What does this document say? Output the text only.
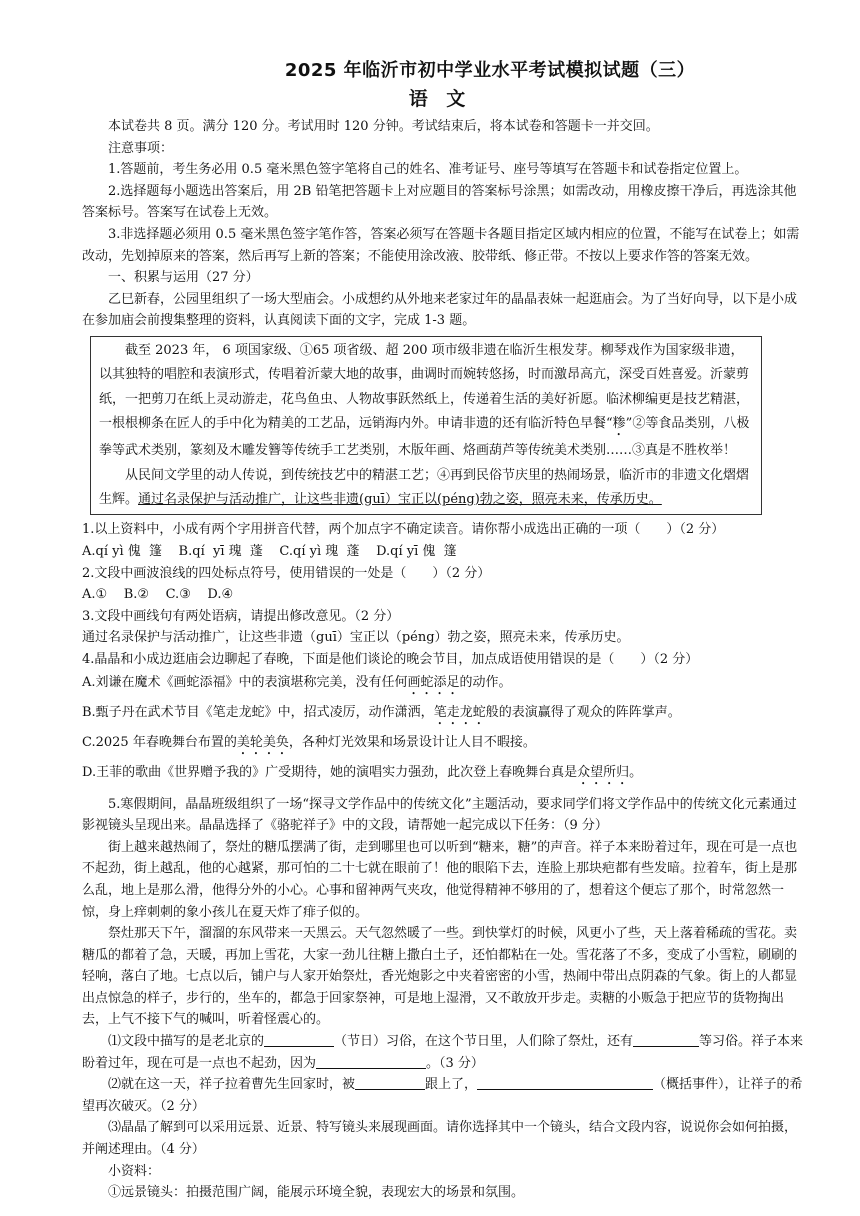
2025 年临沂市初中学业水平考试模拟试题（三）
语 文

本试卷共 8 页。满分 120 分。考试用时 120 分钟。考试结束后，将本试卷和答题卡一并交回。

注意事项：

1.答题前，考生务必用 0.5 毫米黑色签字笔将自己的姓名、准考证号、座号等填写在答题卡和试卷指定位置上。

2.选择题每小题选出答案后，用 2B 铅笔把答题卡上对应题目的答案标号涂黑；如需改动，用橡皮擦干净后，再选涂其他答案标号。答案写在试卷上无效。

3.非选择题必须用 0.5 毫米黑色签字笔作答，答案必须写在答题卡各题目指定区域内相应的位置，不能写在试卷上；如需改动，先划掉原来的答案，然后再写上新的答案；不能使用涂改液、胶带纸、修正带。不按以上要求作答的答案无效。

一、积累与运用（27 分）

乙巳新春，公园里组织了一场大型庙会。小成想约从外地来老家过年的晶晶表妹一起逛庙会。为了当好向导，以下是小成在参加庙会前搜集整理的资料，认真阅读下面的文字，完成 1-3 题。

截至 2023 年， 6 项国家级、①65 项省级、超 200 项市级非遗在临沂生根发芽。柳琴戏作为国家级非遗，以其独特的唱腔和表演形式，传唱着沂蒙大地的故事，曲调时而婉转悠扬，时而激昂高亢，深受百姓喜爱。沂蒙剪纸，一把剪刀在纸上灵动游走，花鸟鱼虫、人物故事跃然纸上，传递着生活的美好祈愿。临沭柳编更是技艺精湛，一根根柳条在匠人的手中化为精美的工艺品，远销海内外。申请非遗的还有临沂特色早餐“糁”②等食品类别，八极拳等武术类别，篆刻及木雕发簪等传统手工艺类别，木版年画、烙画葫芦等传统美术类别……③真是不胜枚举！

从民间文学里的动人传说，到传统技艺中的精湛工艺；④再到民俗节庆里的热闹场景，临沂市的非遗文化熠熠生辉。通过名录保护与活动推广，让这些非遗(guī）宝正以(péng)勃之姿，照亮未来，传承历史。

1.以上资料中，小成有两个字用拼音代替，两个加点字不确定读音。请你帮小成选出正确的一项（　　）（2 分）

A.qí yì 傀  篷    B.qí  yī 瑰  蓬    C.qí yì 瑰  蓬    D.qí yī 傀  篷

2.文段中画波浪线的四处标点符号，使用错误的一处是（　　）（2 分）

A.①    B.②    C.③    D.④

3.文段中画线句有两处语病，请提出修改意见。（2 分）

通过名录保护与活动推广，让这些非遗（guī）宝正以（péng）勃之姿，照亮未来，传承历史。

4.晶晶和小成边逛庙会边聊起了春晚，下面是他们谈论的晚会节目，加点成语使用错误的是（　　）（2 分）

A.刘谦在魔术《画蛇添福》中的表演堪称完美，没有任何画蛇添足的动作。

B.甄子丹在武术节目《笔走龙蛇》中，招式凌厉，动作潇洒，笔走龙蛇般的表演赢得了观众的阵阵掌声。

C.2025 年春晚舞台布置的美轮美奂，各种灯光效果和场景设计让人目不暇接。

D.王菲的歌曲《世界赠予我的》广受期待，她的演唱实力强劲，此次登上春晚舞台真是众望所归。

5.寒假期间，晶晶班级组织了一场“探寻文学作品中的传统文化”主题活动，要求同学们将文学作品中的传统文化元素通过影视镜头呈现出来。晶晶选择了《骆驼祥子》中的文段，请帮她一起完成以下任务：（9 分）

街上越来越热闹了，祭灶的糖瓜摆满了街，走到哪里也可以听到“糖来，糖”的声音。祥子本来盼着过年，现在可是一点也不起劲，街上越乱，他的心越紧，那可怕的二十七就在眼前了！他的眼陷下去，连脸上那块疤都有些发暗。拉着车，街上是那么乱，地上是那么滑，他得分外的小心。心事和留神两气夹攻，他觉得精神不够用的了，想着这个便忘了那个，时常忽然一惊，身上痒刺刺的象小孩儿在夏天炸了痱子似的。

祭灶那天下午，溜溜的东风带来一天黑云。天气忽然暖了一些。到快掌灯的时候，风更小了些，天上落着稀疏的雪花。卖糖瓜的都着了急，天暖，再加上雪花，大家一劲儿往糖上撒白土子，还怕都粘在一处。雪花落了不多，变成了小雪粒，刷刷的轻响，落白了地。七点以后，铺户与人家开始祭灶，香光炮影之中夹着密密的小雪，热闹中带出点阴森的气象。街上的人都显出点惊急的样子，步行的，坐车的，都急于回家祭神，可是地上湿滑，又不敢放开步走。卖糖的小贩急于把应节的货物掏出去，上气不接下气的喊叫，听着怪震心的。

⑴文段中描写的是老北京的	（节日）习俗，在这个节日里，人们除了祭灶，还有	等习俗。祥子本来盼着过年，现在可是一点也不起劲，因为	。（3 分）

⑵就在这一天，祥子拉着曹先生回家时，被	跟上了，	（概括事件），让祥子的希望再次破灭。（2 分）

⑶晶晶了解到可以采用远景、近景、特写镜头来展现画面。请你选择其中一个镜头，结合文段内容，说说你会如何拍摄，并阐述理由。（4 分）

小资料：

①远景镜头：拍摄范围广阔，能展示环境全貌，表现宏大的场景和氛围。
